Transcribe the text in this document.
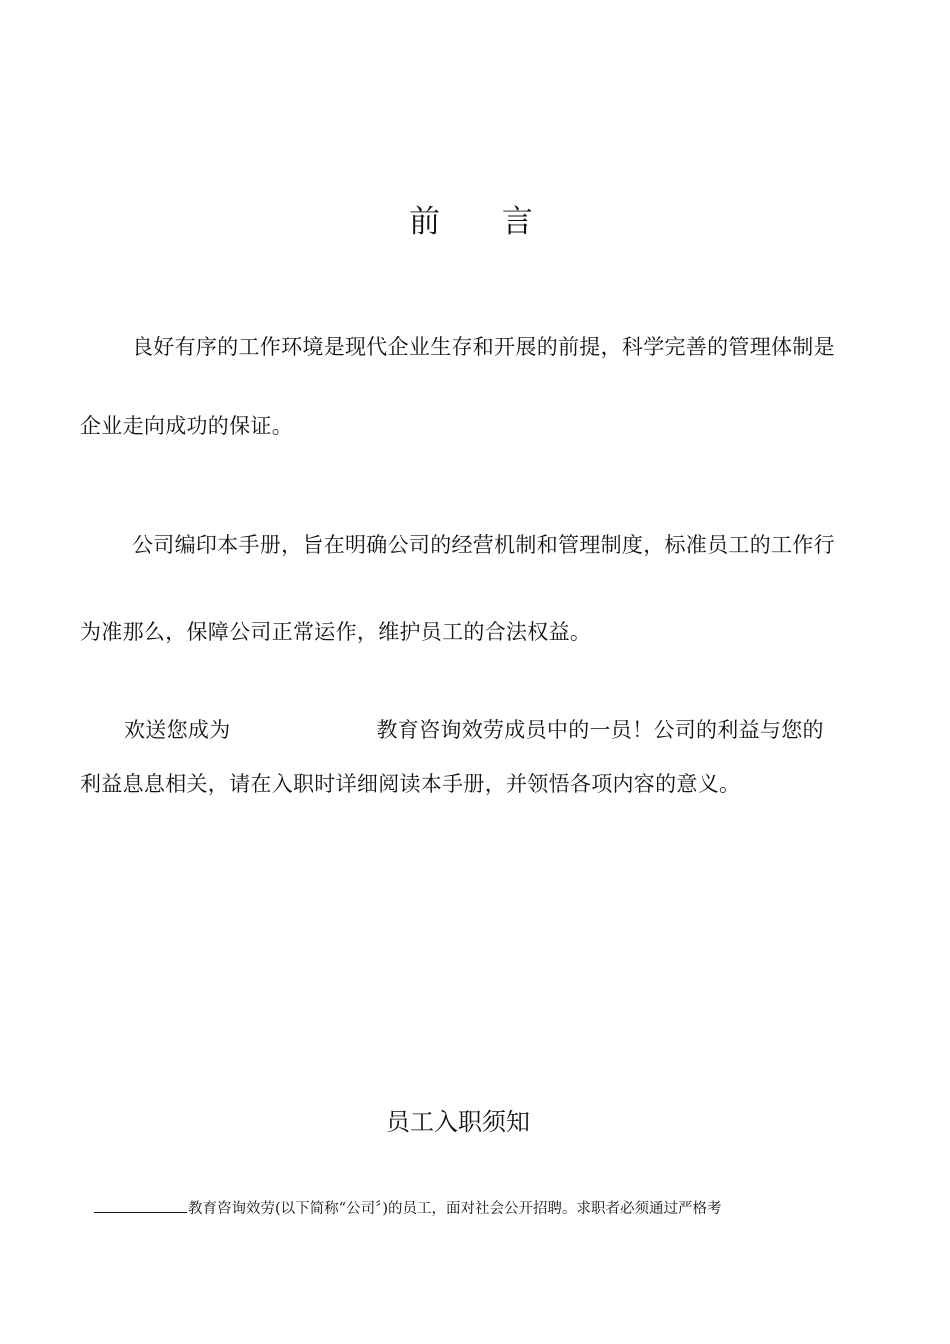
前 言

良好有序的工作环境是现代企业生存和开展的前提，科学完善的管理体制是企业走向成功的保证。

公司编印本手册，旨在明确公司的经营机制和管理制度，标准员工的工作行为准那么，保障公司正常运作，维护员工的合法权益。

欢送您成为	教育咨询效劳成员中的一员！公司的利益与您的利益息息相关，请在入职时详细阅读本手册，并领悟各项内容的意义。

员工入职须知
教育咨询效劳(以下简称“公司〞)的员工，面对社会公开招聘。求职者必须通过严格考
